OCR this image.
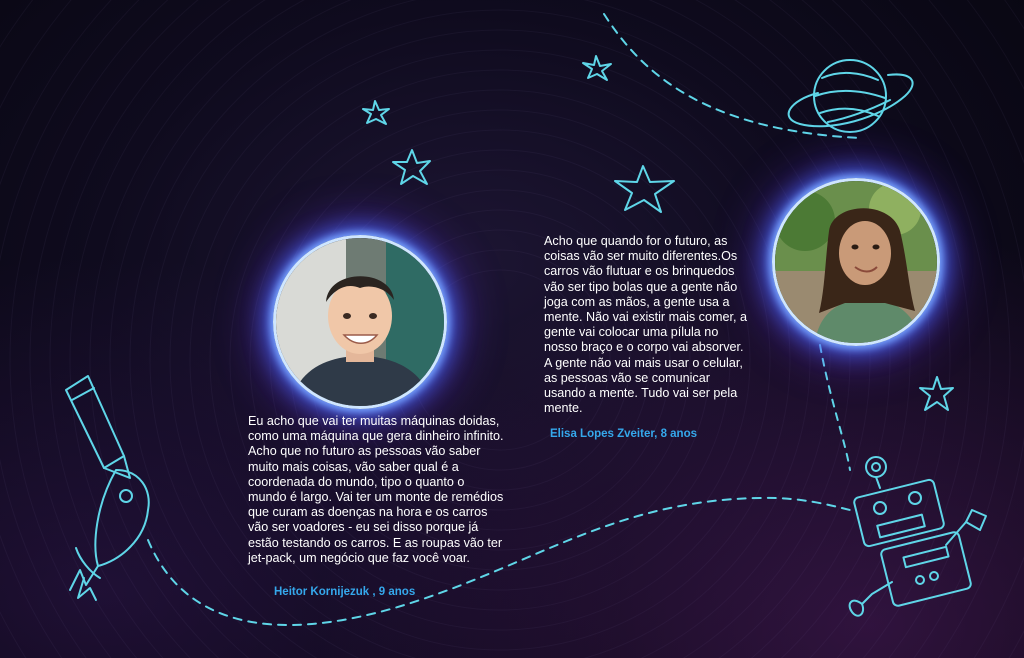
Eu acho que vai ter muitas máquinas doidas, como uma máquina que gera dinheiro infinito. Acho que no futuro as pessoas vão saber muito mais coisas, vão saber qual é a coordenada do mundo, tipo o quanto o mundo é largo. Vai ter um monte de remédios que curam as doenças na hora e os carros vão ser voadores - eu sei disso porque já estão testando os carros. E as roupas vão ter jet-pack, um negócio que faz você voar.

Heitor Kornijezuk , 9 anos

Acho que quando for o futuro, as coisas vão ser muito diferentes.Os carros vão flutuar e os brinquedos vão ser tipo bolas que a gente não joga com as mãos, a gente usa a mente. Não vai existir mais comer, a gente vai colocar uma pílula no nosso braço e o corpo vai absorver. A gente não vai mais usar o celular, as pessoas vão se comunicar usando a mente. Tudo vai ser pela mente.

Elisa Lopes Zveiter, 8 anos
